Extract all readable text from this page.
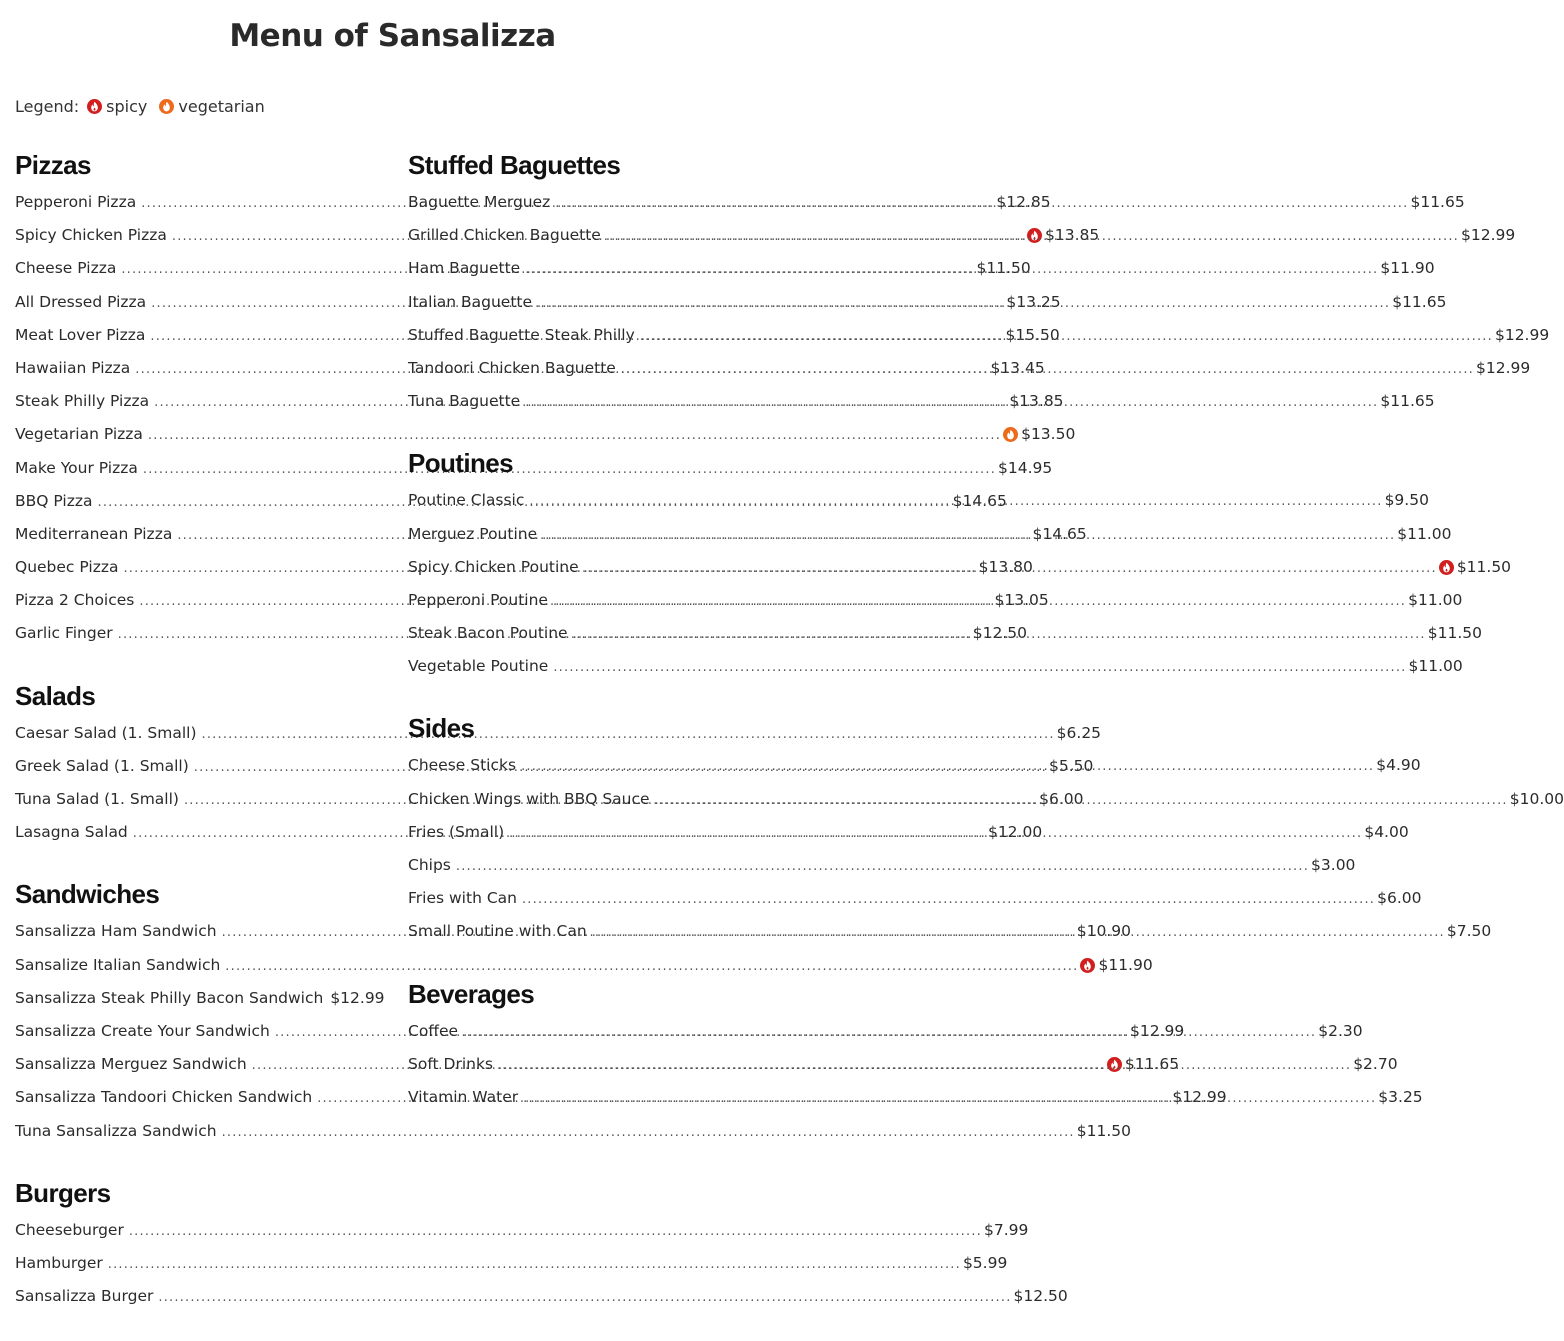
Menu of Sansalizza
Legend: spicy vegetarian
Pizzas
Pepperoni Pizza .....	$12.85
Spicy Chicken Pizza .....	$13.85
Cheese Pizza .....	$11.50
All Dressed Pizza .....	$13.25
Meat Lover Pizza .....	$15.50
Hawaiian Pizza .....	$13.45
Steak Philly Pizza .....	$13.85
Vegetarian Pizza .....	$13.50
Make Your Pizza .....	$14.95
BBQ Pizza .....	$14.65
Mediterranean Pizza .....	$14.65
Quebec Pizza .....	$13.80
Pizza 2 Choices .....	$13.05
Garlic Finger .....	$12.50
Salads
Caesar Salad (1. Small) .....	$6.25
Greek Salad (1. Small) .....	$5.50
Tuna Salad (1. Small) .....	$6.00
Lasagna Salad .....	$12.00
Sandwiches
Sansalizza Ham Sandwich .....	$10.90
Sansalize Italian Sandwich .....	$11.90
Sansalizza Steak Philly Bacon Sandwich $12.99
Sansalizza Create Your Sandwich .....	$12.99
Sansalizza Merguez Sandwich .....	$11.65
Sansalizza Tandoori Chicken Sandwich .....	$12.99
Tuna Sansalizza Sandwich .....	$11.50
Burgers
Cheeseburger .....	$7.99
Hamburger .....	$5.99
Sansalizza Burger .....	$12.50
Stuffed Baguettes
Baguette Merguez .....	$11.65
Grilled Chicken Baguette .....	$12.99
Ham Baguette .....	$11.90
Italian Baguette .....	$11.65
Stuffed Baguette Steak Philly .....	$12.99
Tandoori Chicken Baguette .....	$12.99
Tuna Baguette .....	$11.65
Poutines
Poutine Classic .....	$9.50
Merguez Poutine .....	$11.00
Spicy Chicken Poutine .....	$11.50
Pepperoni Poutine .....	$11.00
Steak Bacon Poutine .....	$11.50
Vegetable Poutine .....	$11.00
Sides
Cheese Sticks .....	$4.90
Chicken Wings with BBQ Sauce .....	$10.00
Fries (Small) .....	$4.00
Chips .....	$3.00
Fries with Can .....	$6.00
Small Poutine with Can .....	$7.50
Beverages
Coffee .....	$2.30
Soft Drinks .....	$2.70
Vitamin Water .....	$3.25
